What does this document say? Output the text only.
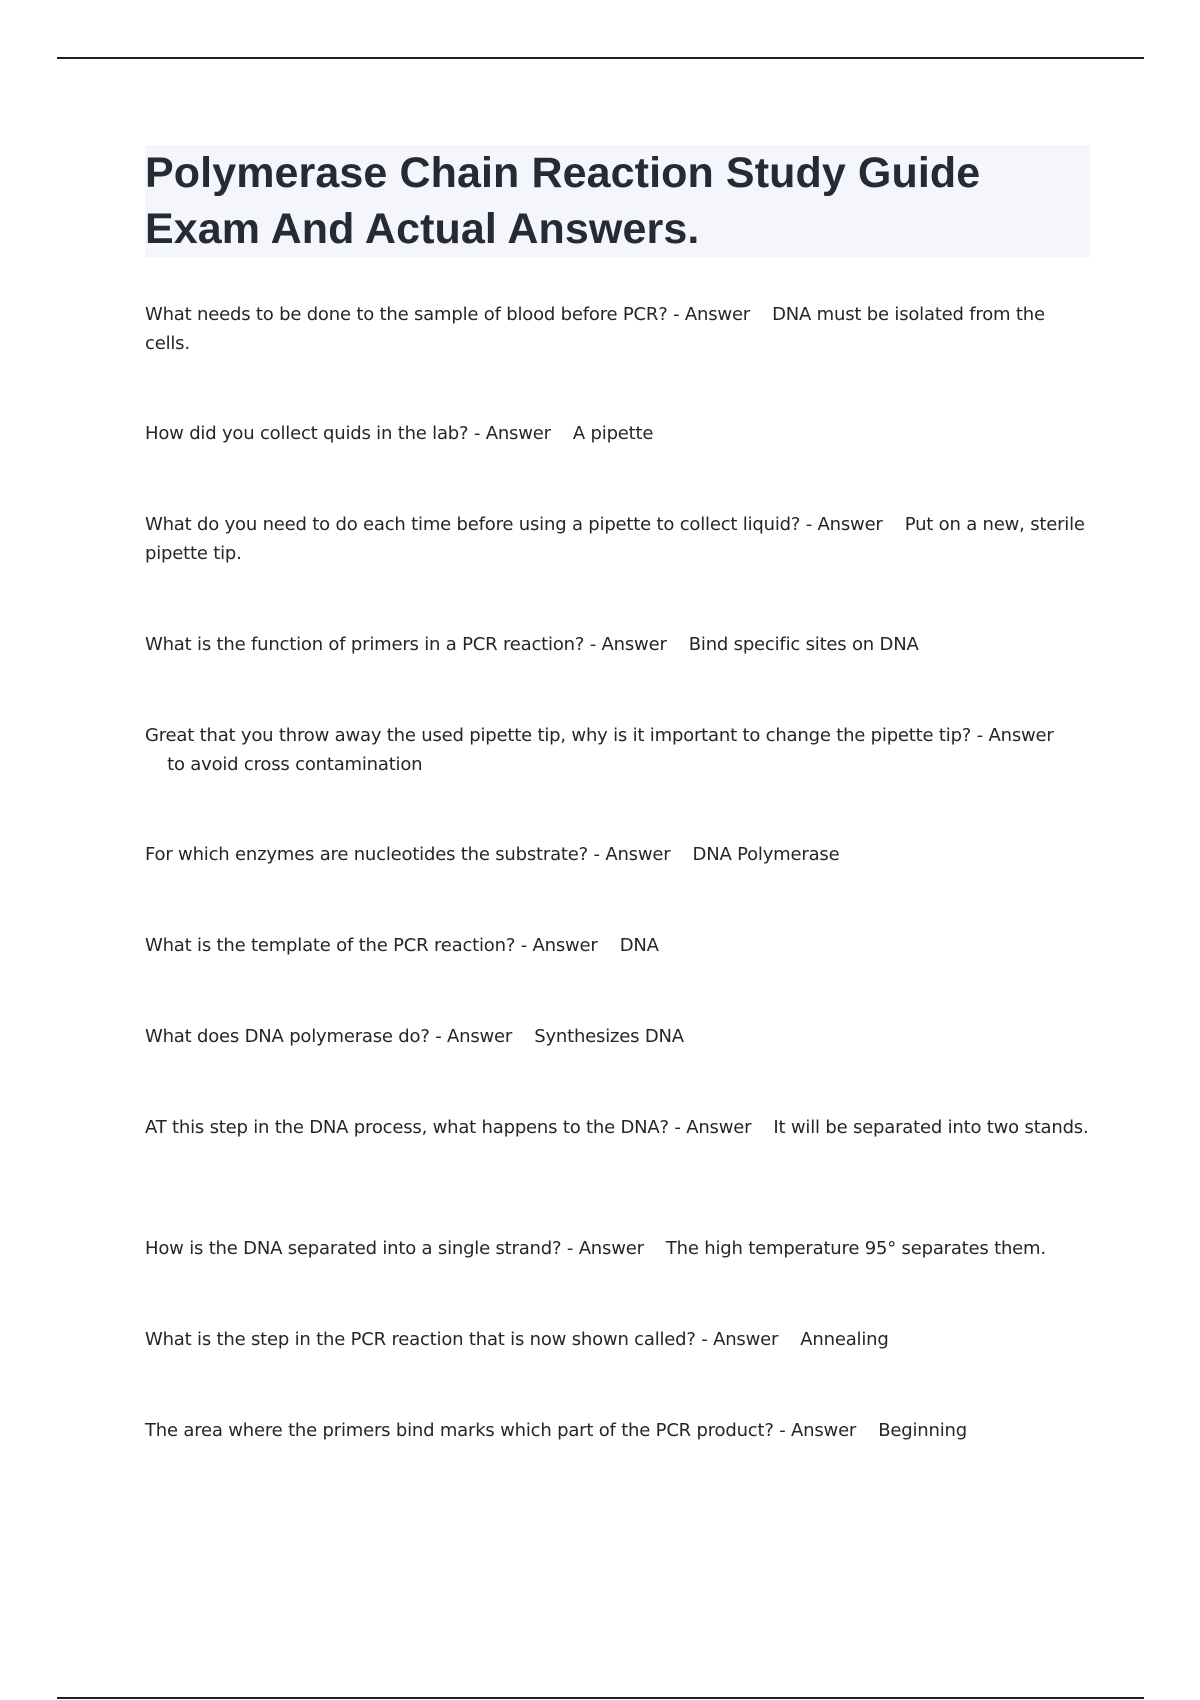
Polymerase Chain Reaction Study Guide Exam And Actual Answers.
What needs to be done to the sample of blood before PCR? - Answer DNA must be isolated from the cells.
How did you collect quids in the lab? - Answer A pipette
What do you need to do each time before using a pipette to collect liquid? - Answer Put on a new, sterile pipette tip.
What is the function of primers in a PCR reaction? - Answer Bind specific sites on DNA
Great that you throw away the used pipette tip, why is it important to change the pipette tip? - Answer    to avoid cross contamination
For which enzymes are nucleotides the substrate? - Answer DNA Polymerase
What is the template of the PCR reaction? - Answer DNA
What does DNA polymerase do? - Answer Synthesizes DNA
AT this step in the DNA process, what happens to the DNA? - Answer It will be separated into two stands.
How is the DNA separated into a single strand? - Answer The high temperature 95° separates them.
What is the step in the PCR reaction that is now shown called? - Answer Annealing
The area where the primers bind marks which part of the PCR product? - Answer Beginning
